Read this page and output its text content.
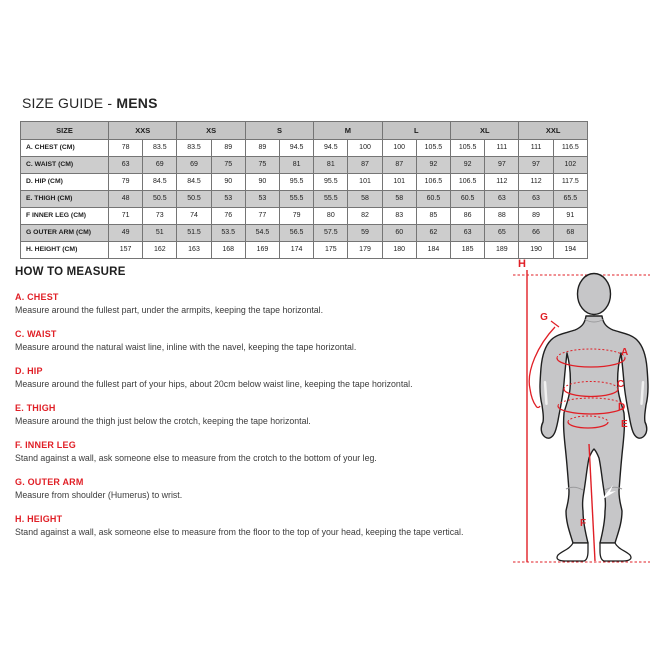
SIZE GUIDE - MENS
SIZE	XXS		XS		S		M		L		XL		XXL	
A. CHEST (CM)	78	83.5	83.5	89	89	94.5	94.5	100	100	105.5	105.5	111	111	116.5
C. WAIST (CM)	63	69	69	75	75	81	81	87	87	92	92	97	97	102
D. HIP (CM)	79	84.5	84.5	90	90	95.5	95.5	101	101	106.5	106.5	112	112	117.5
E. THIGH (CM)	48	50.5	50.5	53	53	55.5	55.5	58	58	60.5	60.5	63	63	65.5
F INNER LEG (CM)	71	73	74	76	77	79	80	82	83	85	86	88	89	91
G OUTER ARM (CM)	49	51	51.5	53.5	54.5	56.5	57.5	59	60	62	63	65	66	68
H. HEIGHT (CM)	157	162	163	168	169	174	175	179	180	184	185	189	190	194
HOW TO MEASURE
A. CHEST

Measure around the fullest part, under the armpits, keeping the tape horizontal.

C. WAIST

Measure around the natural waist line, inline with the navel, keeping the tape horizontal.

D. HIP

Measure around the fullest part of your hips, about 20cm below waist line, keeping the tape horizontal.

E. THIGH

Measure around the thigh just below the crotch, keeping the tape horizontal.

F. INNER LEG

Stand against a wall, ask someone else to measure from the crotch to the bottom of your leg.

G. OUTER ARM

Measure from shoulder (Humerus) to wrist.

H. HEIGHT

Stand against a wall, ask someone else to measure from the floor to the top of your head, keeping the tape vertical.

H
G
A
C
D
E
F
